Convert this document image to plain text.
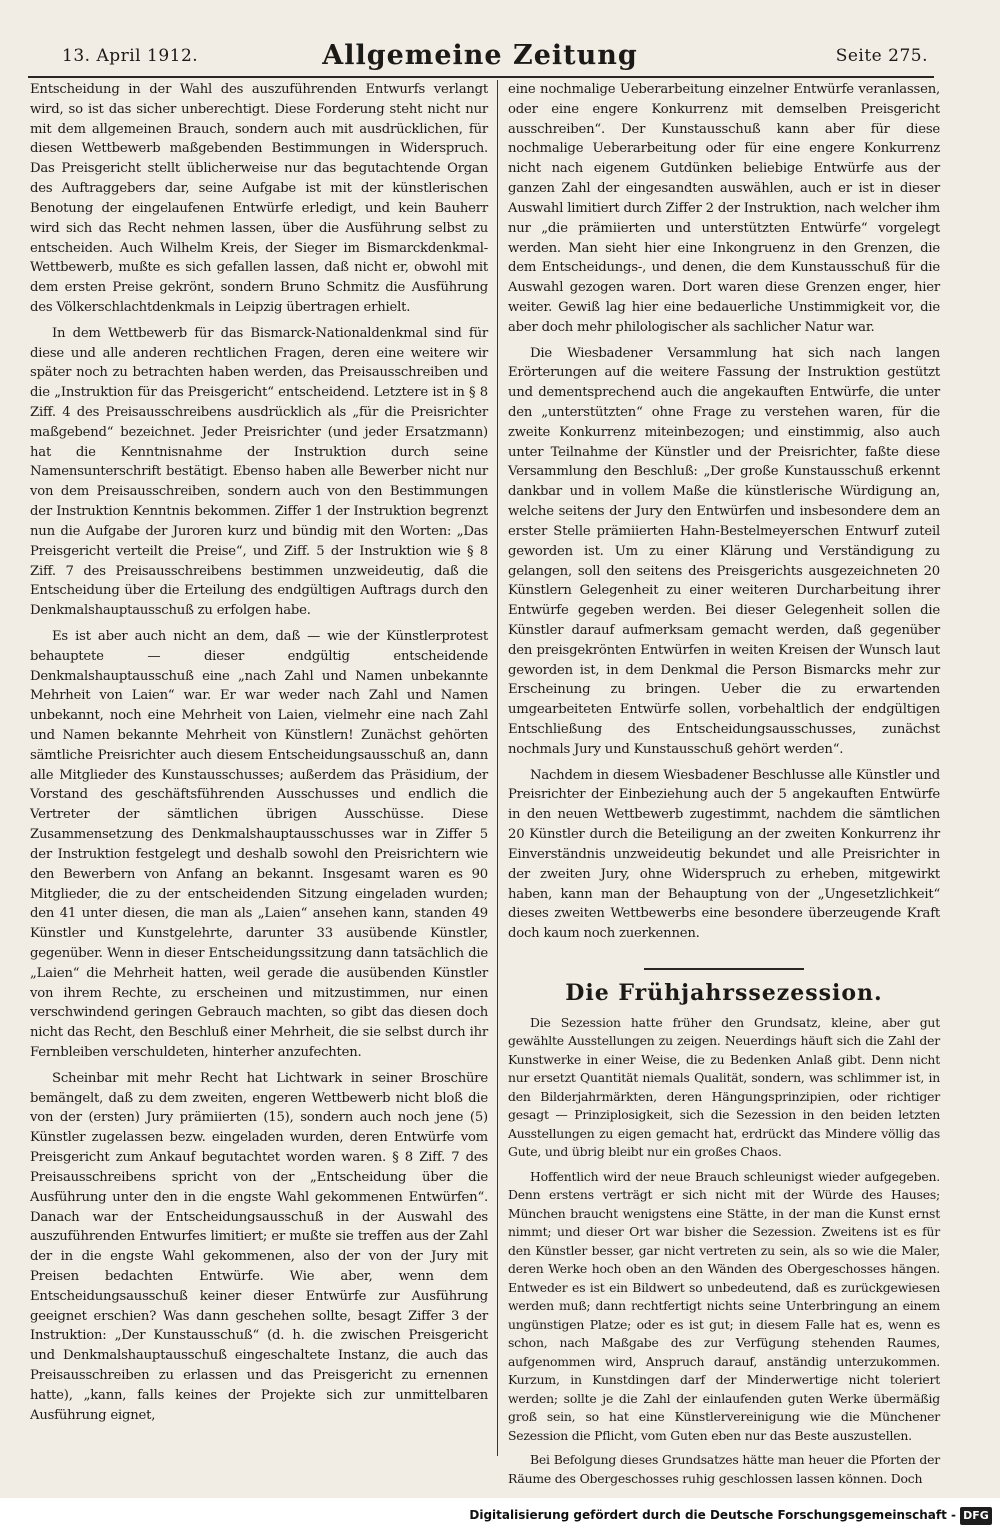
13. April 1912.	Allgemeine Zeitung	Seite 275.

Entscheidung in der Wahl des auszuführenden Entwurfs verlangt wird, so ist das sicher unberechtigt. Diese Forderung steht nicht nur mit dem allgemeinen Brauch, sondern auch mit ausdrücklichen, für diesen Wettbewerb maßgebenden Bestimmungen in Widerspruch. Das Preisgericht stellt üblicherweise nur das begutachtende Organ des Auftraggebers dar, seine Aufgabe ist mit der künstlerischen Benotung der eingelaufenen Entwürfe erledigt, und kein Bauherr wird sich das Recht nehmen lassen, über die Ausführung selbst zu entscheiden. Auch Wilhelm Kreis, der Sieger im Bismarckdenkmal-Wettbewerb, mußte es sich gefallen lassen, daß nicht er, obwohl mit dem ersten Preise gekrönt, sondern Bruno Schmitz die Ausführung des Völkerschlachtdenkmals in Leipzig übertragen erhielt.

In dem Wettbewerb für das Bismarck-Nationaldenkmal sind für diese und alle anderen rechtlichen Fragen, deren eine weitere wir später noch zu betrachten haben werden, das Preisausschreiben und die „Instruktion für das Preisgericht“ entscheidend. Letztere ist in § 8 Ziff. 4 des Preisausschreibens ausdrücklich als „für die Preisrichter maßgebend“ bezeichnet. Jeder Preisrichter (und jeder Ersatzmann) hat die Kenntnisnahme der Instruktion durch seine Namensunterschrift bestätigt. Ebenso haben alle Bewerber nicht nur von dem Preisausschreiben, sondern auch von den Bestimmungen der Instruktion Kenntnis bekommen. Ziffer 1 der Instruktion begrenzt nun die Aufgabe der Juroren kurz und bündig mit den Worten: „Das Preisgericht verteilt die Preise“, und Ziff. 5 der Instruktion wie § 8 Ziff. 7 des Preisausschreibens bestimmen unzweideutig, daß die Entscheidung über die Erteilung des endgültigen Auftrags durch den Denkmalshauptausschuß zu erfolgen habe.

Es ist aber auch nicht an dem, daß — wie der Künstlerprotest behauptete — dieser endgültig entscheidende Denkmalshauptausschuß eine „nach Zahl und Namen unbekannte Mehrheit von Laien“ war. Er war weder nach Zahl und Namen unbekannt, noch eine Mehrheit von Laien, vielmehr eine nach Zahl und Namen bekannte Mehrheit von Künstlern! Zunächst gehörten sämtliche Preisrichter auch diesem Entscheidungsausschuß an, dann alle Mitglieder des Kunstausschusses; außerdem das Präsidium, der Vorstand des geschäftsführenden Ausschusses und endlich die Vertreter der sämtlichen übrigen Ausschüsse. Diese Zusammensetzung des Denkmalshauptausschusses war in Ziffer 5 der Instruktion festgelegt und deshalb sowohl den Preisrichtern wie den Bewerbern von Anfang an bekannt. Insgesamt waren es 90 Mitglieder, die zu der entscheidenden Sitzung eingeladen wurden; den 41 unter diesen, die man als „Laien“ ansehen kann, standen 49 Künstler und Kunstgelehrte, darunter 33 ausübende Künstler, gegenüber. Wenn in dieser Entscheidungssitzung dann tatsächlich die „Laien“ die Mehrheit hatten, weil gerade die ausübenden Künstler von ihrem Rechte, zu erscheinen und mitzustimmen, nur einen verschwindend geringen Gebrauch machten, so gibt das diesen doch nicht das Recht, den Beschluß einer Mehrheit, die sie selbst durch ihr Fernbleiben verschuldeten, hinterher anzufechten.

Scheinbar mit mehr Recht hat Lichtwark in seiner Broschüre bemängelt, daß zu dem zweiten, engeren Wettbewerb nicht bloß die von der (ersten) Jury prämiierten (15), sondern auch noch jene (5) Künstler zugelassen bezw. eingeladen wurden, deren Entwürfe vom Preisgericht zum Ankauf begutachtet worden waren. § 8 Ziff. 7 des Preisausschreibens spricht von der „Entscheidung über die Ausführung unter den in die engste Wahl gekommenen Entwürfen“. Danach war der Entscheidungsausschuß in der Auswahl des auszuführenden Entwurfes limitiert; er mußte sie treffen aus der Zahl der in die engste Wahl gekommenen, also der von der Jury mit Preisen bedachten Entwürfe. Wie aber, wenn dem Entscheidungsausschuß keiner dieser Entwürfe zur Ausführung geeignet erschien? Was dann geschehen sollte, besagt Ziffer 3 der Instruktion: „Der Kunstausschuß“ (d. h. die zwischen Preisgericht und Denkmalshauptausschuß eingeschaltete Instanz, die auch das Preisausschreiben zu erlassen und das Preisgericht zu ernennen hatte), „kann, falls keines der Projekte sich zur unmittelbaren Ausführung eignet,

eine nochmalige Ueberarbeitung einzelner Entwürfe veranlassen, oder eine engere Konkurrenz mit demselben Preisgericht ausschreiben“. Der Kunstausschuß kann aber für diese nochmalige Ueberarbeitung oder für eine engere Konkurrenz nicht nach eigenem Gutdünken beliebige Entwürfe aus der ganzen Zahl der eingesandten auswählen, auch er ist in dieser Auswahl limitiert durch Ziffer 2 der Instruktion, nach welcher ihm nur „die prämiierten und unterstützten Entwürfe“ vorgelegt werden. Man sieht hier eine Inkongruenz in den Grenzen, die dem Entscheidungs-, und denen, die dem Kunstausschuß für die Auswahl gezogen waren. Dort waren diese Grenzen enger, hier weiter. Gewiß lag hier eine bedauerliche Unstimmigkeit vor, die aber doch mehr philologischer als sachlicher Natur war.

Die Wiesbadener Versammlung hat sich nach langen Erörterungen auf die weitere Fassung der Instruktion gestützt und dementsprechend auch die angekauften Entwürfe, die unter den „unterstützten“ ohne Frage zu verstehen waren, für die zweite Konkurrenz miteinbezogen; und einstimmig, also auch unter Teilnahme der Künstler und der Preisrichter, faßte diese Versammlung den Beschluß: „Der große Kunstausschuß erkennt dankbar und in vollem Maße die künstlerische Würdigung an, welche seitens der Jury den Entwürfen und insbesondere dem an erster Stelle prämiierten Hahn-Bestelmeyerschen Entwurf zuteil geworden ist. Um zu einer Klärung und Verständigung zu gelangen, soll den seitens des Preisgerichts ausgezeichneten 20 Künstlern Gelegenheit zu einer weiteren Durcharbeitung ihrer Entwürfe gegeben werden. Bei dieser Gelegenheit sollen die Künstler darauf aufmerksam gemacht werden, daß gegenüber den preisgekrönten Entwürfen in weiten Kreisen der Wunsch laut geworden ist, in dem Denkmal die Person Bismarcks mehr zur Erscheinung zu bringen. Ueber die zu erwartenden umgearbeiteten Entwürfe sollen, vorbehaltlich der endgültigen Entschließung des Entscheidungsausschusses, zunächst nochmals Jury und Kunstausschuß gehört werden“.

Nachdem in diesem Wiesbadener Beschlusse alle Künstler und Preisrichter der Einbeziehung auch der 5 angekauften Entwürfe in den neuen Wettbewerb zugestimmt, nachdem die sämtlichen 20 Künstler durch die Beteiligung an der zweiten Konkurrenz ihr Einverständnis unzweideutig bekundet und alle Preisrichter in der zweiten Jury, ohne Widerspruch zu erheben, mitgewirkt haben, kann man der Behauptung von der „Ungesetzlichkeit“ dieses zweiten Wettbewerbs eine besondere überzeugende Kraft doch kaum noch zuerkennen.

Die Frühjahrssezession.

Die Sezession hatte früher den Grundsatz, kleine, aber gut gewählte Ausstellungen zu zeigen. Neuerdings häuft sich die Zahl der Kunstwerke in einer Weise, die zu Bedenken Anlaß gibt. Denn nicht nur ersetzt Quantität niemals Qualität, sondern, was schlimmer ist, in den Bilderjahrmärkten, deren Hängungsprinzipien, oder richtiger gesagt — Prinziplosigkeit, sich die Sezession in den beiden letzten Ausstellungen zu eigen gemacht hat, erdrückt das Mindere völlig das Gute, und übrig bleibt nur ein großes Chaos.

Hoffentlich wird der neue Brauch schleunigst wieder aufgegeben. Denn erstens verträgt er sich nicht mit der Würde des Hauses; München braucht wenigstens eine Stätte, in der man die Kunst ernst nimmt; und dieser Ort war bisher die Sezession. Zweitens ist es für den Künstler besser, gar nicht vertreten zu sein, als so wie die Maler, deren Werke hoch oben an den Wänden des Obergeschosses hängen. Entweder es ist ein Bildwert so unbedeutend, daß es zurückgewiesen werden muß; dann rechtfertigt nichts seine Unterbringung an einem ungünstigen Platze; oder es ist gut; in diesem Falle hat es, wenn es schon, nach Maßgabe des zur Verfügung stehenden Raumes, aufgenommen wird, Anspruch darauf, anständig unterzukommen. Kurzum, in Kunstdingen darf der Minderwertige nicht toleriert werden; sollte je die Zahl der einlaufenden guten Werke übermäßig groß sein, so hat eine Künstlervereinigung wie die Münchener Sezession die Pflicht, vom Guten eben nur das Beste auszustellen.

Bei Befolgung dieses Grundsatzes hätte man heuer die Pforten der Räume des Obergeschosses ruhig geschlossen lassen können. Doch

Digitalisierung gefördert durch die Deutsche Forschungsgemeinschaft - DFG
